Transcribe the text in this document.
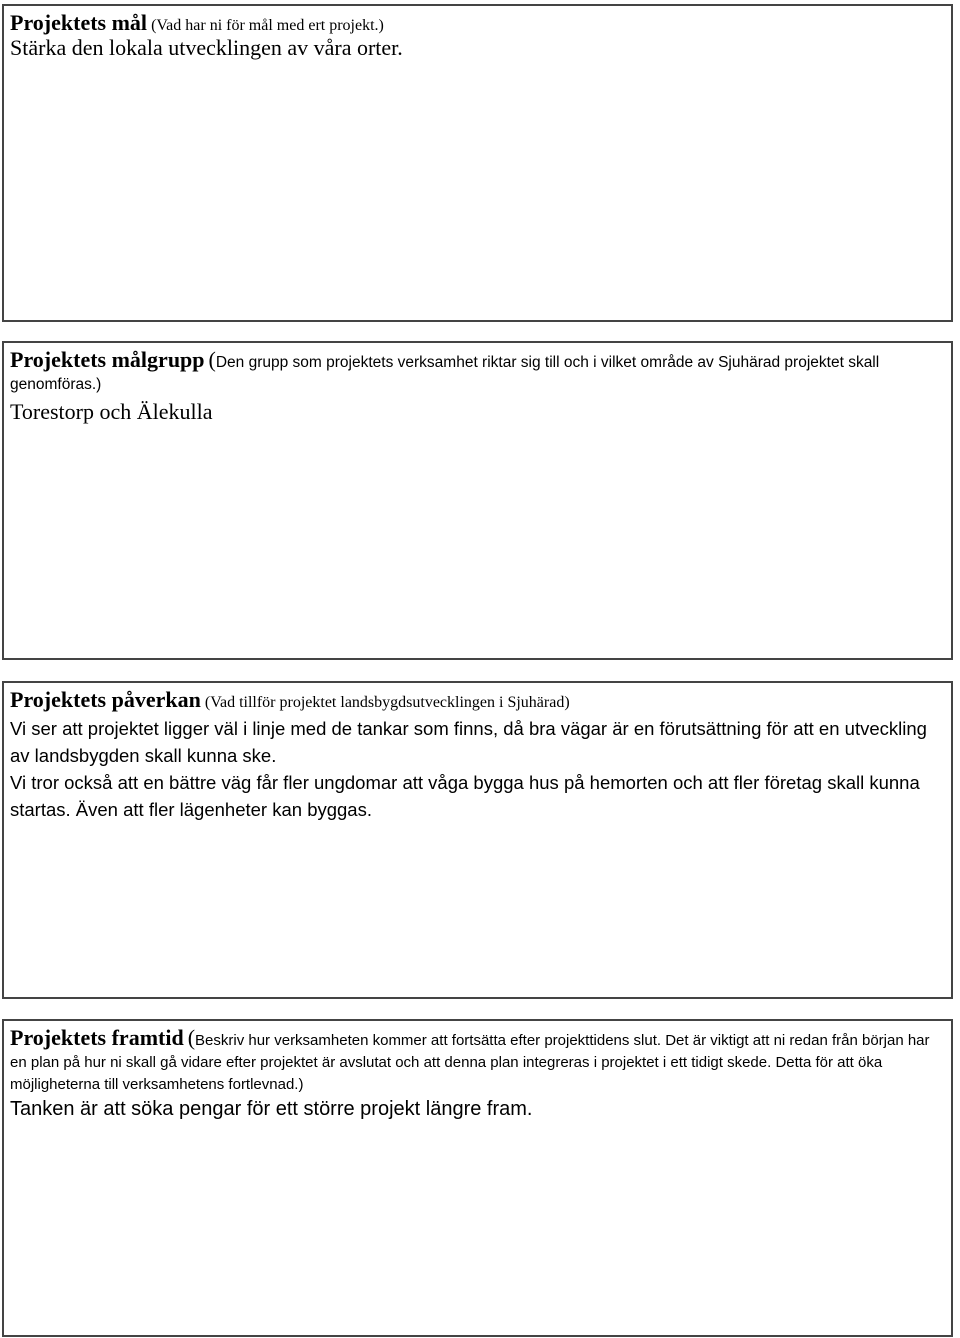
Projektets mål (Vad har ni för mål med ert projekt.)

Stärka den lokala utvecklingen av våra orter.

Projektets målgrupp (Den grupp som projektets verksamhet riktar sig till och i vilket område av Sjuhärad projektet skall genomföras.)

Torestorp och Älekulla

Projektets påverkan (Vad tillför projektet landsbygdsutvecklingen i Sjuhärad)

Vi ser att projektet ligger väl i linje med de tankar som finns, då bra vägar är en förutsättning för att en utveckling av landsbygden skall kunna ske.

Vi tror också att en bättre väg får fler ungdomar att våga bygga hus på hemorten och att fler företag skall kunna startas. Även att fler lägenheter kan byggas.

Projektets framtid (Beskriv hur verksamheten kommer att fortsätta efter projekttidens slut. Det är viktigt att ni redan från början har en plan på hur ni skall gå vidare efter projektet är avslutat och att denna plan integreras i projektet i ett tidigt skede. Detta för att öka möjligheterna till verksamhetens fortlevnad.)

Tanken är att söka pengar för ett större projekt längre fram.
